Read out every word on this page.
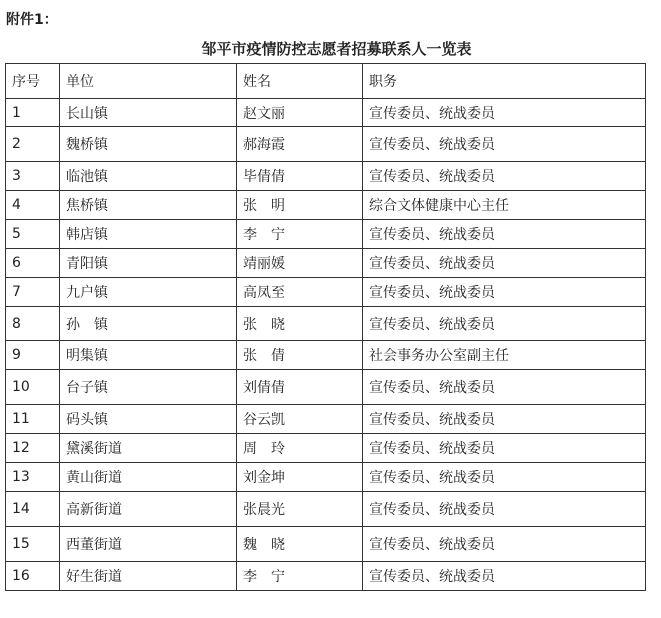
附件1：
邹平市疫情防控志愿者招募联系人一览表
序号	单位	姓名	职务
1	长山镇	赵文丽	宣传委员、统战委员
2	魏桥镇	郝海霞	宣传委员、统战委员
3	临池镇	毕倩倩	宣传委员、统战委员
4	焦桥镇	张　明	综合文体健康中心主任
5	韩店镇	李　宁	宣传委员、统战委员
6	青阳镇	靖丽媛	宣传委员、统战委员
7	九户镇	高凤至	宣传委员、统战委员
8	孙　镇	张　晓	宣传委员、统战委员
9	明集镇	张　倩	社会事务办公室副主任
10	台子镇	刘倩倩	宣传委员、统战委员
11	码头镇	谷云凯	宣传委员、统战委员
12	黛溪街道	周　玲	宣传委员、统战委员
13	黄山街道	刘金坤	宣传委员、统战委员
14	高新街道	张晨光	宣传委员、统战委员
15	西董街道	魏　晓	宣传委员、统战委员
16	好生街道	李　宁	宣传委员、统战委员
